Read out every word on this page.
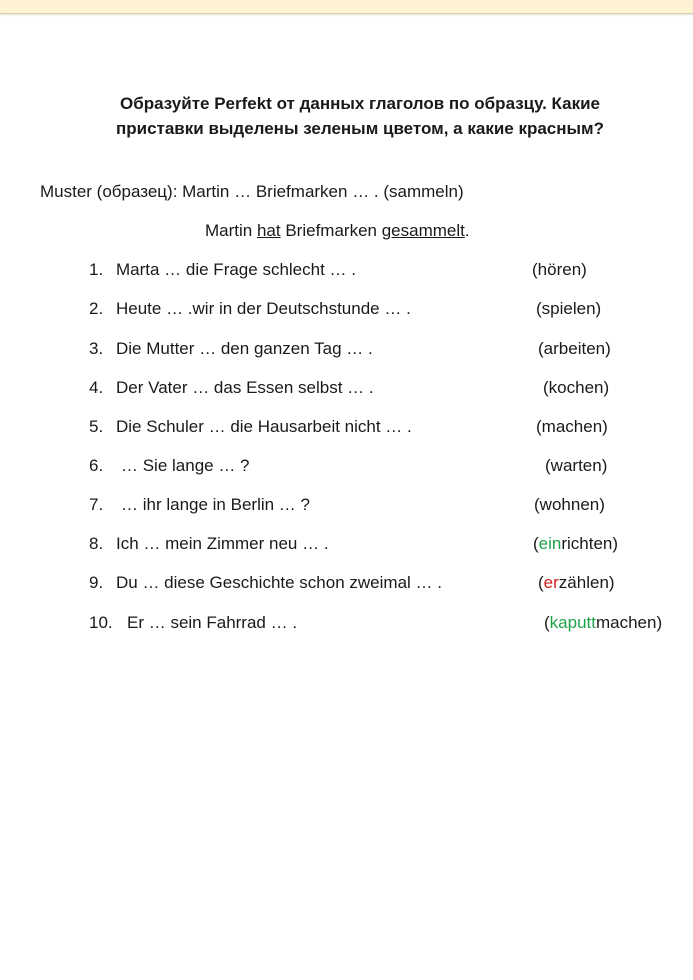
Образуйте Perfekt от данных глаголов по образцу. Какие
приставки выделены зеленым цветом, а какие красным?
Muster (образец): Martin … Briefmarken … . (sammeln)
Martin hat Briefmarken gesammelt.
1. Marta … die Frage schlecht … .	(hören)
2. Heute … .wir in der Deutschstunde … .	(spielen)
3. Die Mutter … den ganzen Tag … .	(arbeiten)
4. Der Vater … das Essen selbst … .	(kochen)
5. Die Schuler … die Hausarbeit nicht … .	(machen)
6. … Sie lange … ?	(warten)
7. … ihr lange in Berlin … ?	(wohnen)
8. Ich … mein Zimmer neu … .	(einrichten)
9. Du … diese Geschichte schon zweimal … .	(erzählen)
10. Er … sein Fahrrad … .	(kaputtmachen)
